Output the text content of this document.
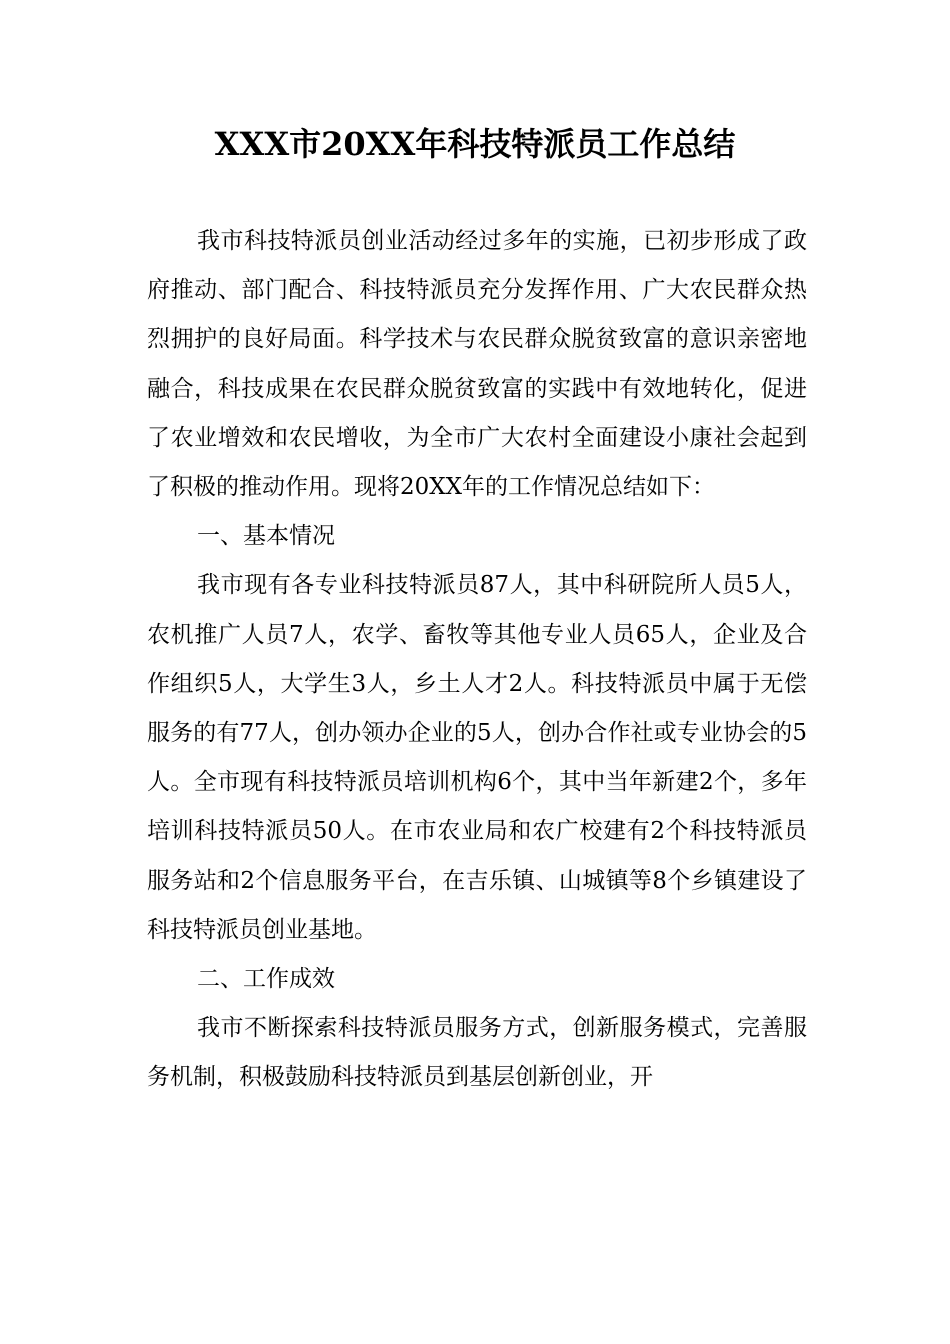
XXX市20XX年科技特派员工作总结

我市科技特派员创业活动经过多年的实施，已初步形成了政府推动、部门配合、科技特派员充分发挥作用、广大农民群众热烈拥护的良好局面。科学技术与农民群众脱贫致富的意识亲密地融合，科技成果在农民群众脱贫致富的实践中有效地转化，促进了农业增效和农民增收，为全市广大农村全面建设小康社会起到了积极的推动作用。现将20XX年的工作情况总结如下：

一、基本情况

我市现有各专业科技特派员87人，其中科研院所人员5人，农机推广人员7人，农学、畜牧等其他专业人员65人，企业及合作组织5人，大学生3人，乡土人才2人。科技特派员中属于无偿服务的有77人，创办领办企业的5人，创办合作社或专业协会的5人。全市现有科技特派员培训机构6个，其中当年新建2个，多年培训科技特派员50人。在市农业局和农广校建有2个科技特派员服务站和2个信息服务平台，在吉乐镇、山城镇等8个乡镇建设了科技特派员创业基地。

二、工作成效

我市不断探索科技特派员服务方式，创新服务模式，完善服务机制，积极鼓励科技特派员到基层创新创业，开
